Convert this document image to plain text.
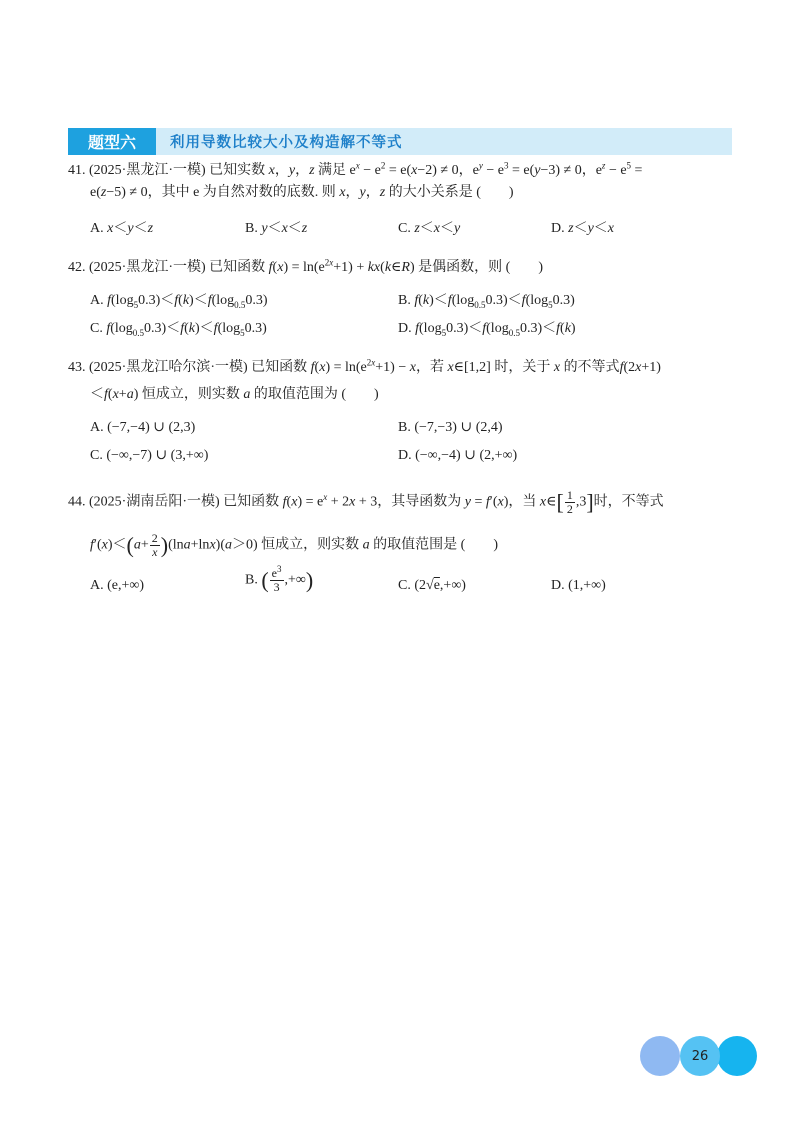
题型六	利用导数比较大小及构造解不等式
41. (2025·黑龙江·一模) 已知实数 x，y，z 满足 $e^x - e^2 = e(x-2) \ne 0$，$e^y - e^3 = e(y-3) \ne 0$，$e^z - e^5$ =
e(z−5) ≠ 0，其中 e 为自然对数的底数. 则 x，y，z 的大小关系是 (　　)
A. x＜y＜z	B. y＜x＜z	C. z＜x＜y	D. z＜y＜x
42. (2025·黑龙江·一模) 已知函数 $f(x) = \ln(e^{2x}+1)$ + kx(k∈R) 是偶函数，则 (　　)
A. $f(\log_50.3)<f(k)<f(\log_{0.5}0.3)$	B. $f(k)<f(\log_{0.5}0.3)<f(\log_50.3)$
C. $f(\log_{0.5}0.3)<f(k)<f(\log_50.3)$	D. $f(\log_50.3)<f(\log_{0.5}0.3)<f(k)$
43. (2025·黑龙江哈尔滨·一模) 已知函数 $f(x) = \ln(e^{2x}+1) - x$，若 x∈[1,2] 时，关于 x 的不等式f(2x+1)
＜f(x+a) 恒成立，则实数 a 的取值范围为 (　　)
A. (−7,−4) ∪ (2,3)	B. (−7,−3) ∪ (2,4)
C. (−∞,−7) ∪ (3,+∞)	D. (−∞,−4) ∪ (2,+∞)
44. (2025·湖南岳阳·一模) 已知函数 $f(x) = e^x + 2x + 3$，其导函数为 y = f′(x)，当 x∈[ $\frac{1}{2} ,3$]时，不等式
$f'(x)<(a+ \frac{2}{x} )(\ln a+\ln x)(a>0)$ 恒成立，则实数 a 的取值范围是 (　　)
A. (e,+∞)	B. ( $\frac{e^3}{3}$ ,+∞)	C. (2√e,+∞)	D. (1,+∞)
26
